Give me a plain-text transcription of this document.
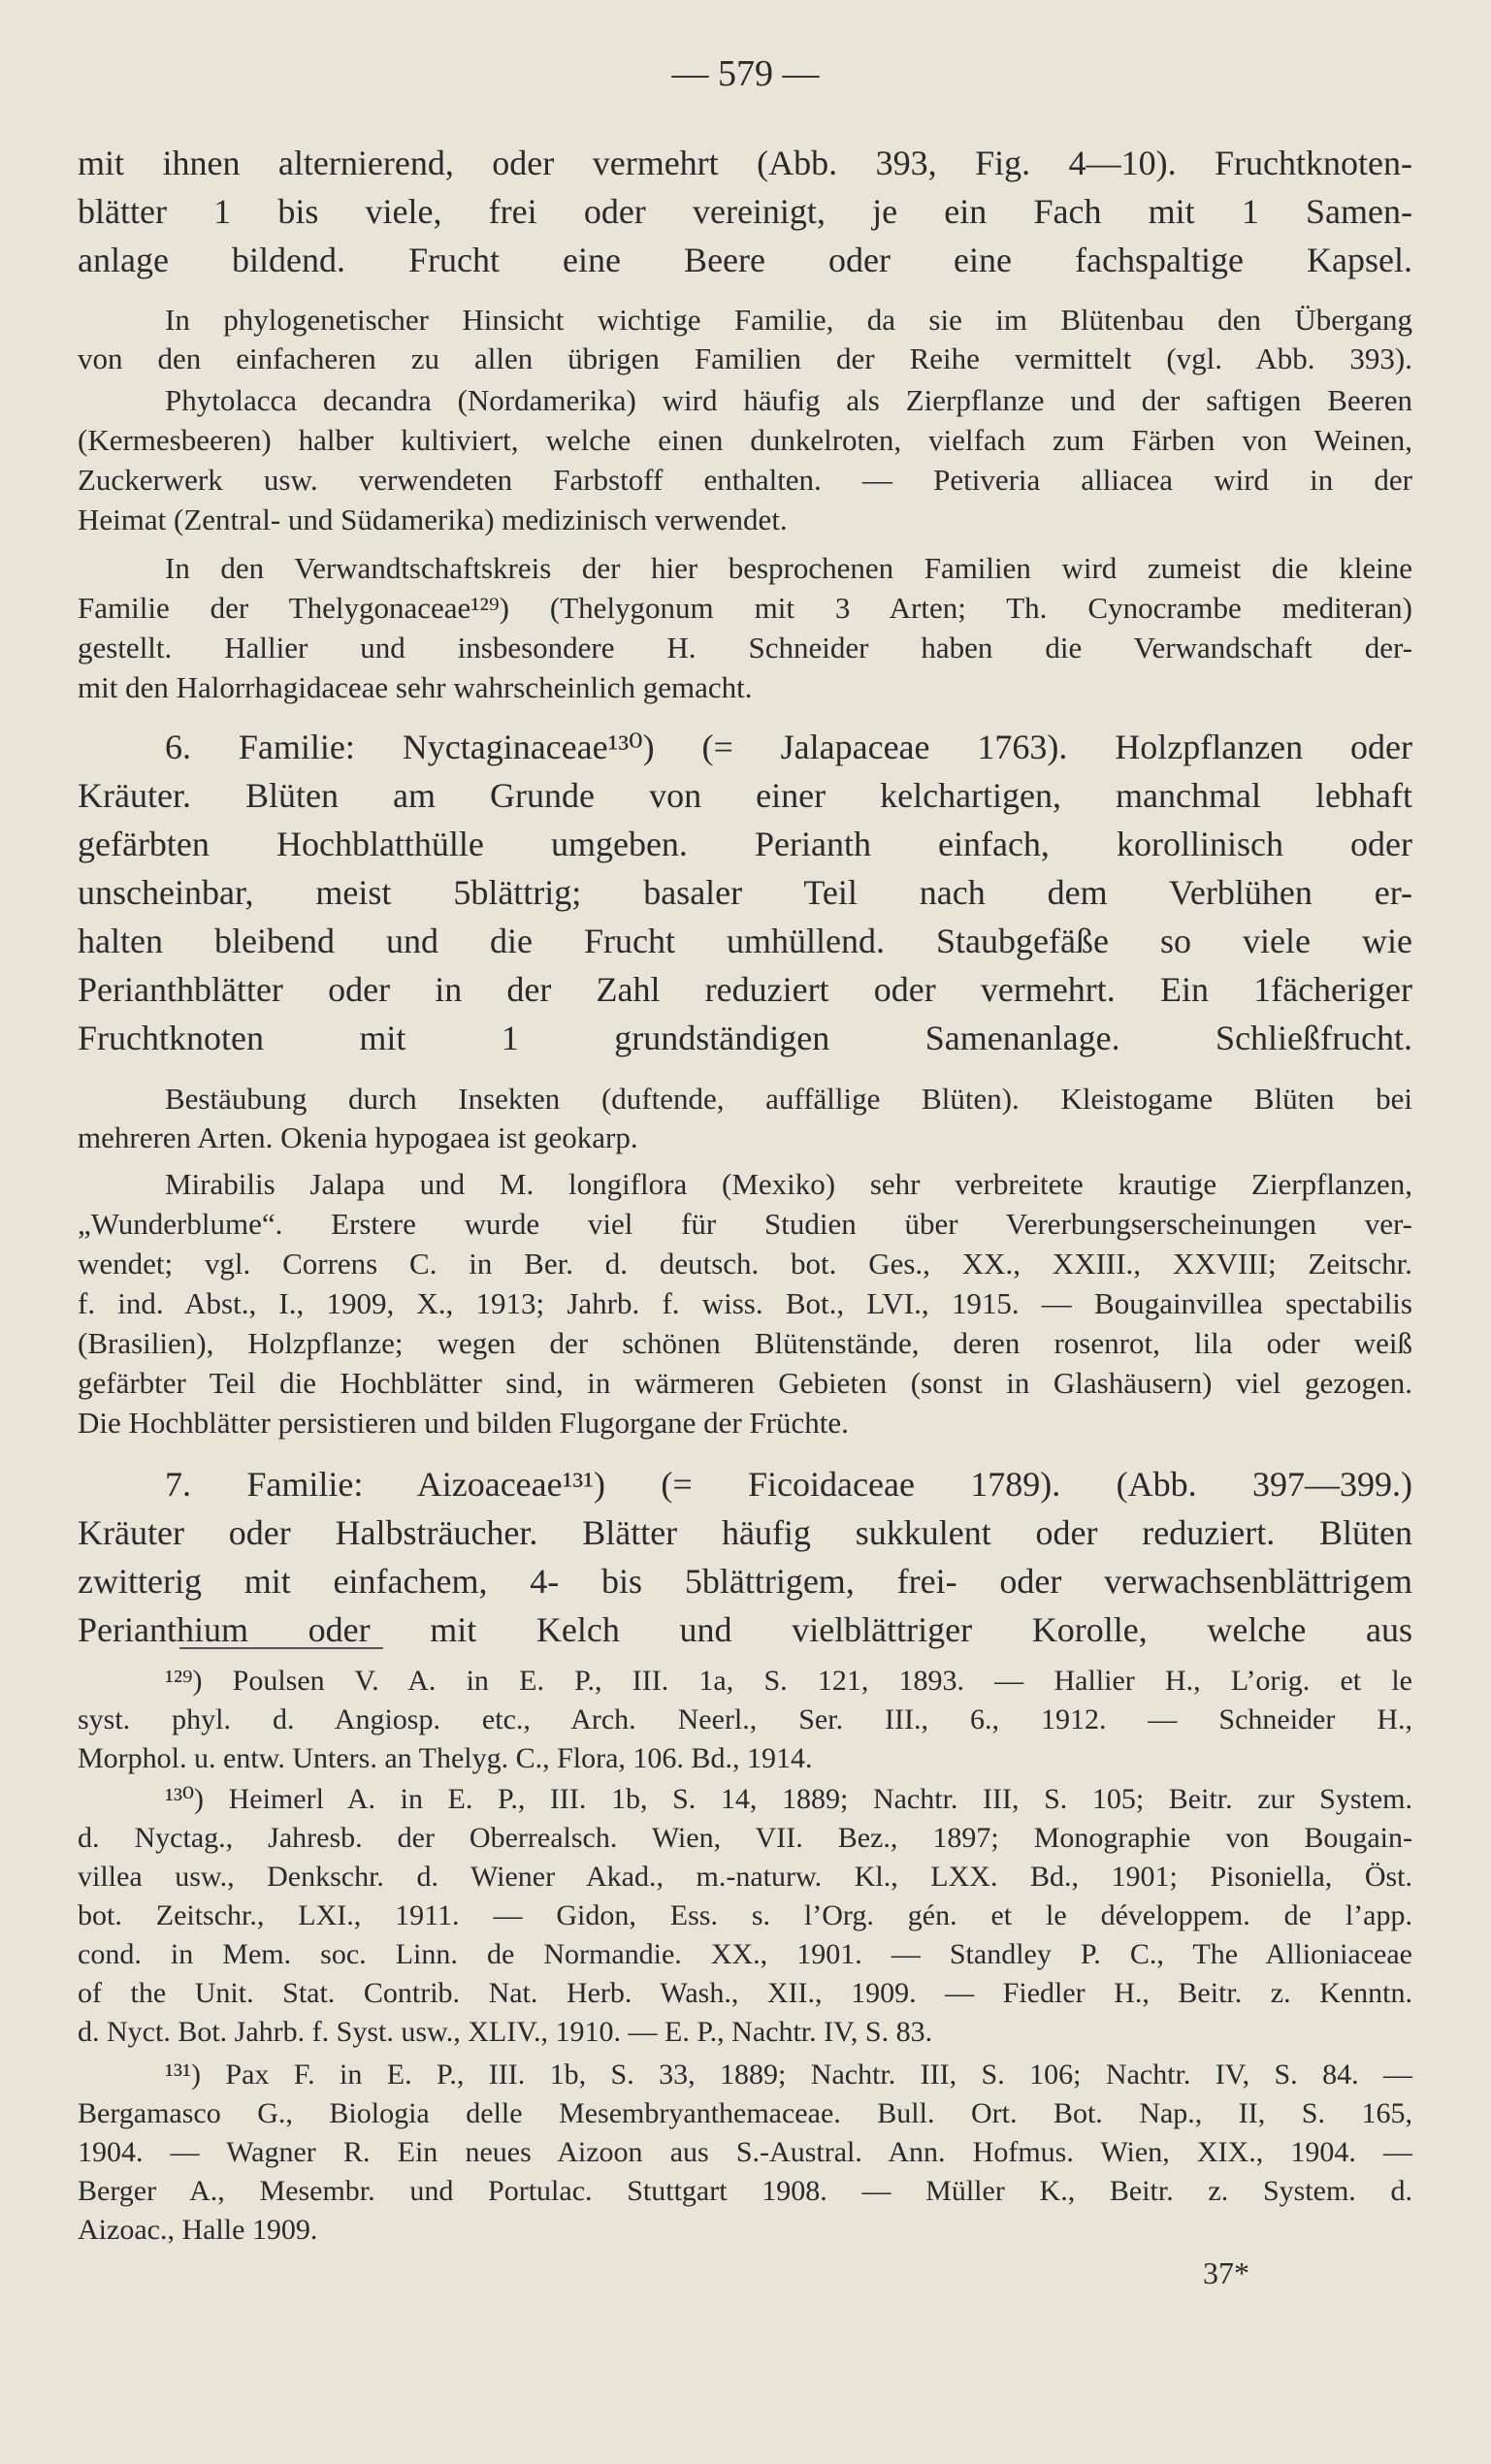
— 579 —
mit ihnen alternierend, oder vermehrt (Abb. 393, Fig. 4—10). Fruchtknoten-
blätter 1 bis viele, frei oder vereinigt, je ein Fach mit 1 Samen-
anlage bildend. Frucht eine Beere oder eine fachspaltige Kapsel.
In phylogenetischer Hinsicht wichtige Familie, da sie im Blütenbau den Übergang
von den einfacheren zu allen übrigen Familien der Reihe vermittelt (vgl. Abb. 393).
Phytolacca decandra (Nordamerika) wird häufig als Zierpflanze und der saftigen Beeren
(Kermesbeeren) halber kultiviert, welche einen dunkelroten, vielfach zum Färben von Weinen,
Zuckerwerk usw. verwendeten Farbstoff enthalten. — Petiveria alliacea wird in der
Heimat (Zentral- und Südamerika) medizinisch verwendet.
In den Verwandtschaftskreis der hier besprochenen Familien wird zumeist die kleine
Familie der Thelygonaceae¹²⁹) (Thelygonum mit 3 Arten; Th. Cynocrambe mediteran)
gestellt. Hallier und insbesondere H. Schneider haben die Verwandschaft der-
mit den Halorrhagidaceae sehr wahrscheinlich gemacht.
6. Familie: Nyctaginaceae¹³⁰) (= Jalapaceae 1763). Holzpflanzen oder
Kräuter. Blüten am Grunde von einer kelchartigen, manchmal lebhaft
gefärbten Hochblatthülle umgeben. Perianth einfach, korollinisch oder
unscheinbar, meist 5blättrig; basaler Teil nach dem Verblühen er-
halten bleibend und die Frucht umhüllend. Staubgefäße so viele wie
Perianthblätter oder in der Zahl reduziert oder vermehrt. Ein 1fächeriger
Fruchtknoten mit 1 grundständigen Samenanlage. Schließfrucht.
Bestäubung durch Insekten (duftende, auffällige Blüten). Kleistogame Blüten bei
mehreren Arten. Okenia hypogaea ist geokarp.
Mirabilis Jalapa und M. longiflora (Mexiko) sehr verbreitete krautige Zierpflanzen,
„Wunderblume“. Erstere wurde viel für Studien über Vererbungserscheinungen ver-
wendet; vgl. Correns C. in Ber. d. deutsch. bot. Ges., XX., XXIII., XXVIII; Zeitschr.
f. ind. Abst., I., 1909, X., 1913; Jahrb. f. wiss. Bot., LVI., 1915. — Bougainvillea spectabilis
(Brasilien), Holzpflanze; wegen der schönen Blütenstände, deren rosenrot, lila oder weiß
gefärbter Teil die Hochblätter sind, in wärmeren Gebieten (sonst in Glashäusern) viel gezogen.
Die Hochblätter persistieren und bilden Flugorgane der Früchte.
7. Familie: Aizoaceae¹³¹) (= Ficoidaceae 1789). (Abb. 397—399.)
Kräuter oder Halbsträucher. Blätter häufig sukkulent oder reduziert. Blüten
zwitterig mit einfachem, 4- bis 5blättrigem, frei- oder verwachsenblättrigem
Perianthium oder mit Kelch und vielblättriger Korolle, welche aus
¹²⁹) Poulsen V. A. in E. P., III. 1a, S. 121, 1893. — Hallier H., L’orig. et le
syst. phyl. d. Angiosp. etc., Arch. Neerl., Ser. III., 6., 1912. — Schneider H.,
Morphol. u. entw. Unters. an Thelyg. C., Flora, 106. Bd., 1914.
¹³⁰) Heimerl A. in E. P., III. 1b, S. 14, 1889; Nachtr. III, S. 105; Beitr. zur System.
d. Nyctag., Jahresb. der Oberrealsch. Wien, VII. Bez., 1897; Monographie von Bougain-
villea usw., Denkschr. d. Wiener Akad., m.-naturw. Kl., LXX. Bd., 1901; Pisoniella, Öst.
bot. Zeitschr., LXI., 1911. — Gidon, Ess. s. l’Org. gén. et le développem. de l’app.
cond. in Mem. soc. Linn. de Normandie. XX., 1901. — Standley P. C., The Allioniaceae
of the Unit. Stat. Contrib. Nat. Herb. Wash., XII., 1909. — Fiedler H., Beitr. z. Kenntn.
d. Nyct. Bot. Jahrb. f. Syst. usw., XLIV., 1910. — E. P., Nachtr. IV, S. 83.
¹³¹) Pax F. in E. P., III. 1b, S. 33, 1889; Nachtr. III, S. 106; Nachtr. IV, S. 84. —
Bergamasco G., Biologia delle Mesembryanthemaceae. Bull. Ort. Bot. Nap., II, S. 165,
1904. — Wagner R. Ein neues Aizoon aus S.-Austral. Ann. Hofmus. Wien, XIX., 1904. —
Berger A., Mesembr. und Portulac. Stuttgart 1908. — Müller K., Beitr. z. System. d.
Aizoac., Halle 1909.
37*
